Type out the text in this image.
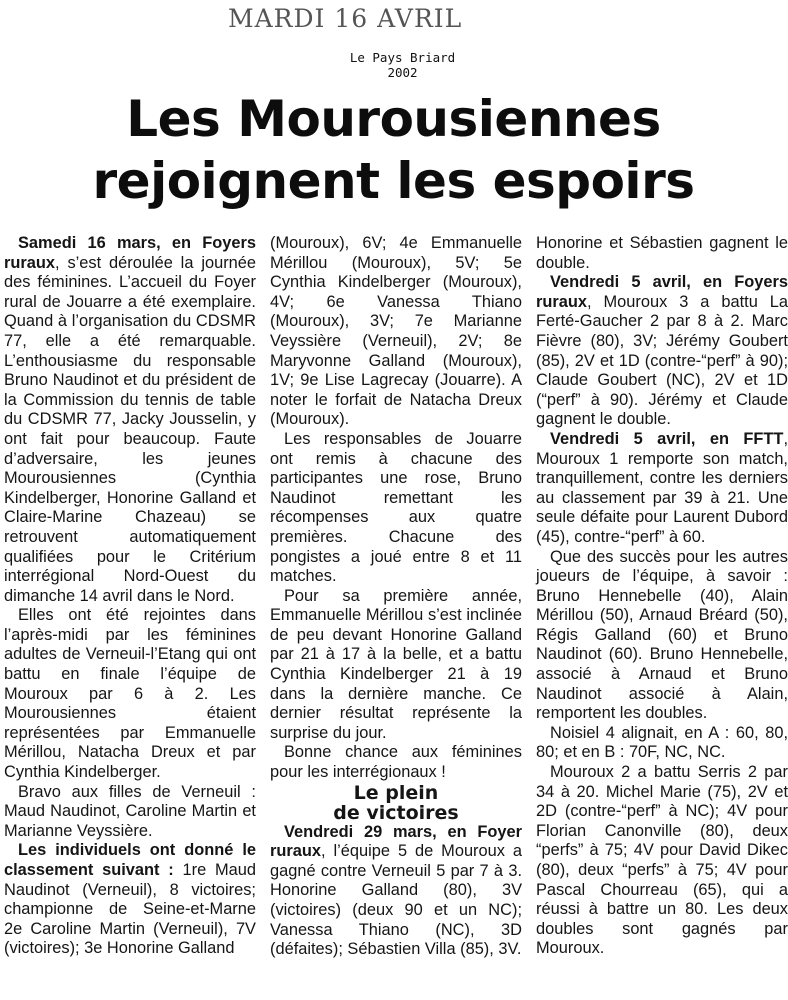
MARDI 16 AVRIL
Le Pays Briard
2002
Les Mourousiennes
rejoignent les espoirs

Samedi 16 mars, en Foyers ruraux, s’est déroulée la journée des féminines. L’accueil du Foyer rural de Jouarre a été exemplaire. Quand à l’organisation du CDSMR 77, elle a été remarquable. L’enthousiasme du responsable Bruno Naudinot et du président de la Commission du tennis de table du CDSMR 77, Jacky Jousselin, y ont fait pour beaucoup. Faute d’adversaire, les jeunes Mourousiennes (Cynthia Kindelberger, Honorine Galland et Claire-Marine Chazeau) se retrouvent automatiquement qualifiées pour le Critérium interrégional Nord-Ouest du dimanche 14 avril dans le Nord.

Elles ont été rejointes dans l’après-midi par les féminines adultes de Verneuil-l’Etang qui ont battu en finale l’équipe de Mouroux par 6 à 2. Les Mourousiennes étaient représentées par Emmanuelle Mérillou, Natacha Dreux et par Cynthia Kindelberger.

Bravo aux filles de Verneuil : Maud Naudinot, Caroline Martin et Marianne Veyssière.

Les individuels ont donné le classement suivant : 1re Maud Naudinot (Verneuil), 8 victoires; championne de Seine-et-Marne 2e Caroline Martin (Verneuil), 7V (victoires); 3e Honorine Galland

(Mouroux), 6V; 4e Emmanuelle Mérillou (Mouroux), 5V; 5e Cynthia Kindelberger (Mouroux), 4V; 6e Vanessa Thiano (Mouroux), 3V; 7e Marianne Veyssière (Verneuil), 2V; 8e Maryvonne Galland (Mouroux), 1V; 9e Lise Lagrecay (Jouarre). A noter le forfait de Natacha Dreux (Mouroux).

Les responsables de Jouarre ont remis à chacune des participantes une rose, Bruno Naudinot remettant les récompenses aux quatre premières. Chacune des pongistes a joué entre 8 et 11 matches.

Pour sa première année, Emmanuelle Mérillou s’est inclinée de peu devant Honorine Galland par 21 à 17 à la belle, et a battu Cynthia Kindelberger 21 à 19 dans la dernière manche. Ce dernier résultat représente la surprise du jour.

Bonne chance aux féminines pour les interrégionaux !

Le plein

de victoires

Vendredi 29 mars, en Foyer ruraux, l’équipe 5 de Mouroux a gagné contre Verneuil 5 par 7 à 3. Honorine Galland (80), 3V (victoires) (deux 90 et un NC); Vanessa Thiano (NC), 3D (défaites); Sébastien Villa (85), 3V.

Honorine et Sébastien gagnent le double.

Vendredi 5 avril, en Foyers ruraux, Mouroux 3 a battu La Ferté-Gaucher 2 par 8 à 2. Marc Fièvre (80), 3V; Jérémy Goubert (85), 2V et 1D (contre-“perf” à 90); Claude Goubert (NC), 2V et 1D (“perf” à 90). Jérémy et Claude gagnent le double.

Vendredi 5 avril, en FFTT, Mouroux 1 remporte son match, tranquillement, contre les derniers au classement par 39 à 21. Une seule défaite pour Laurent Dubord (45), contre-“perf” à 60.

Que des succès pour les autres joueurs de l’équipe, à savoir : Bruno Hennebelle (40), Alain Mérillou (50), Arnaud Bréard (50), Régis Galland (60) et Bruno Naudinot (60). Bruno Hennebelle, associé à Arnaud et Bruno Naudinot associé à Alain, remportent les doubles.

Noisiel 4 alignait, en A : 60, 80, 80; et en B : 70F, NC, NC.

Mouroux 2 a battu Serris 2 par 34 à 20. Michel Marie (75), 2V et 2D (contre-“perf” à NC); 4V pour Florian Canonville (80), deux “perfs” à 75; 4V pour David Dikec (80), deux “perfs” à 75; 4V pour Pascal Chourreau (65), qui a réussi à battre un 80. Les deux doubles sont gagnés par Mouroux.
